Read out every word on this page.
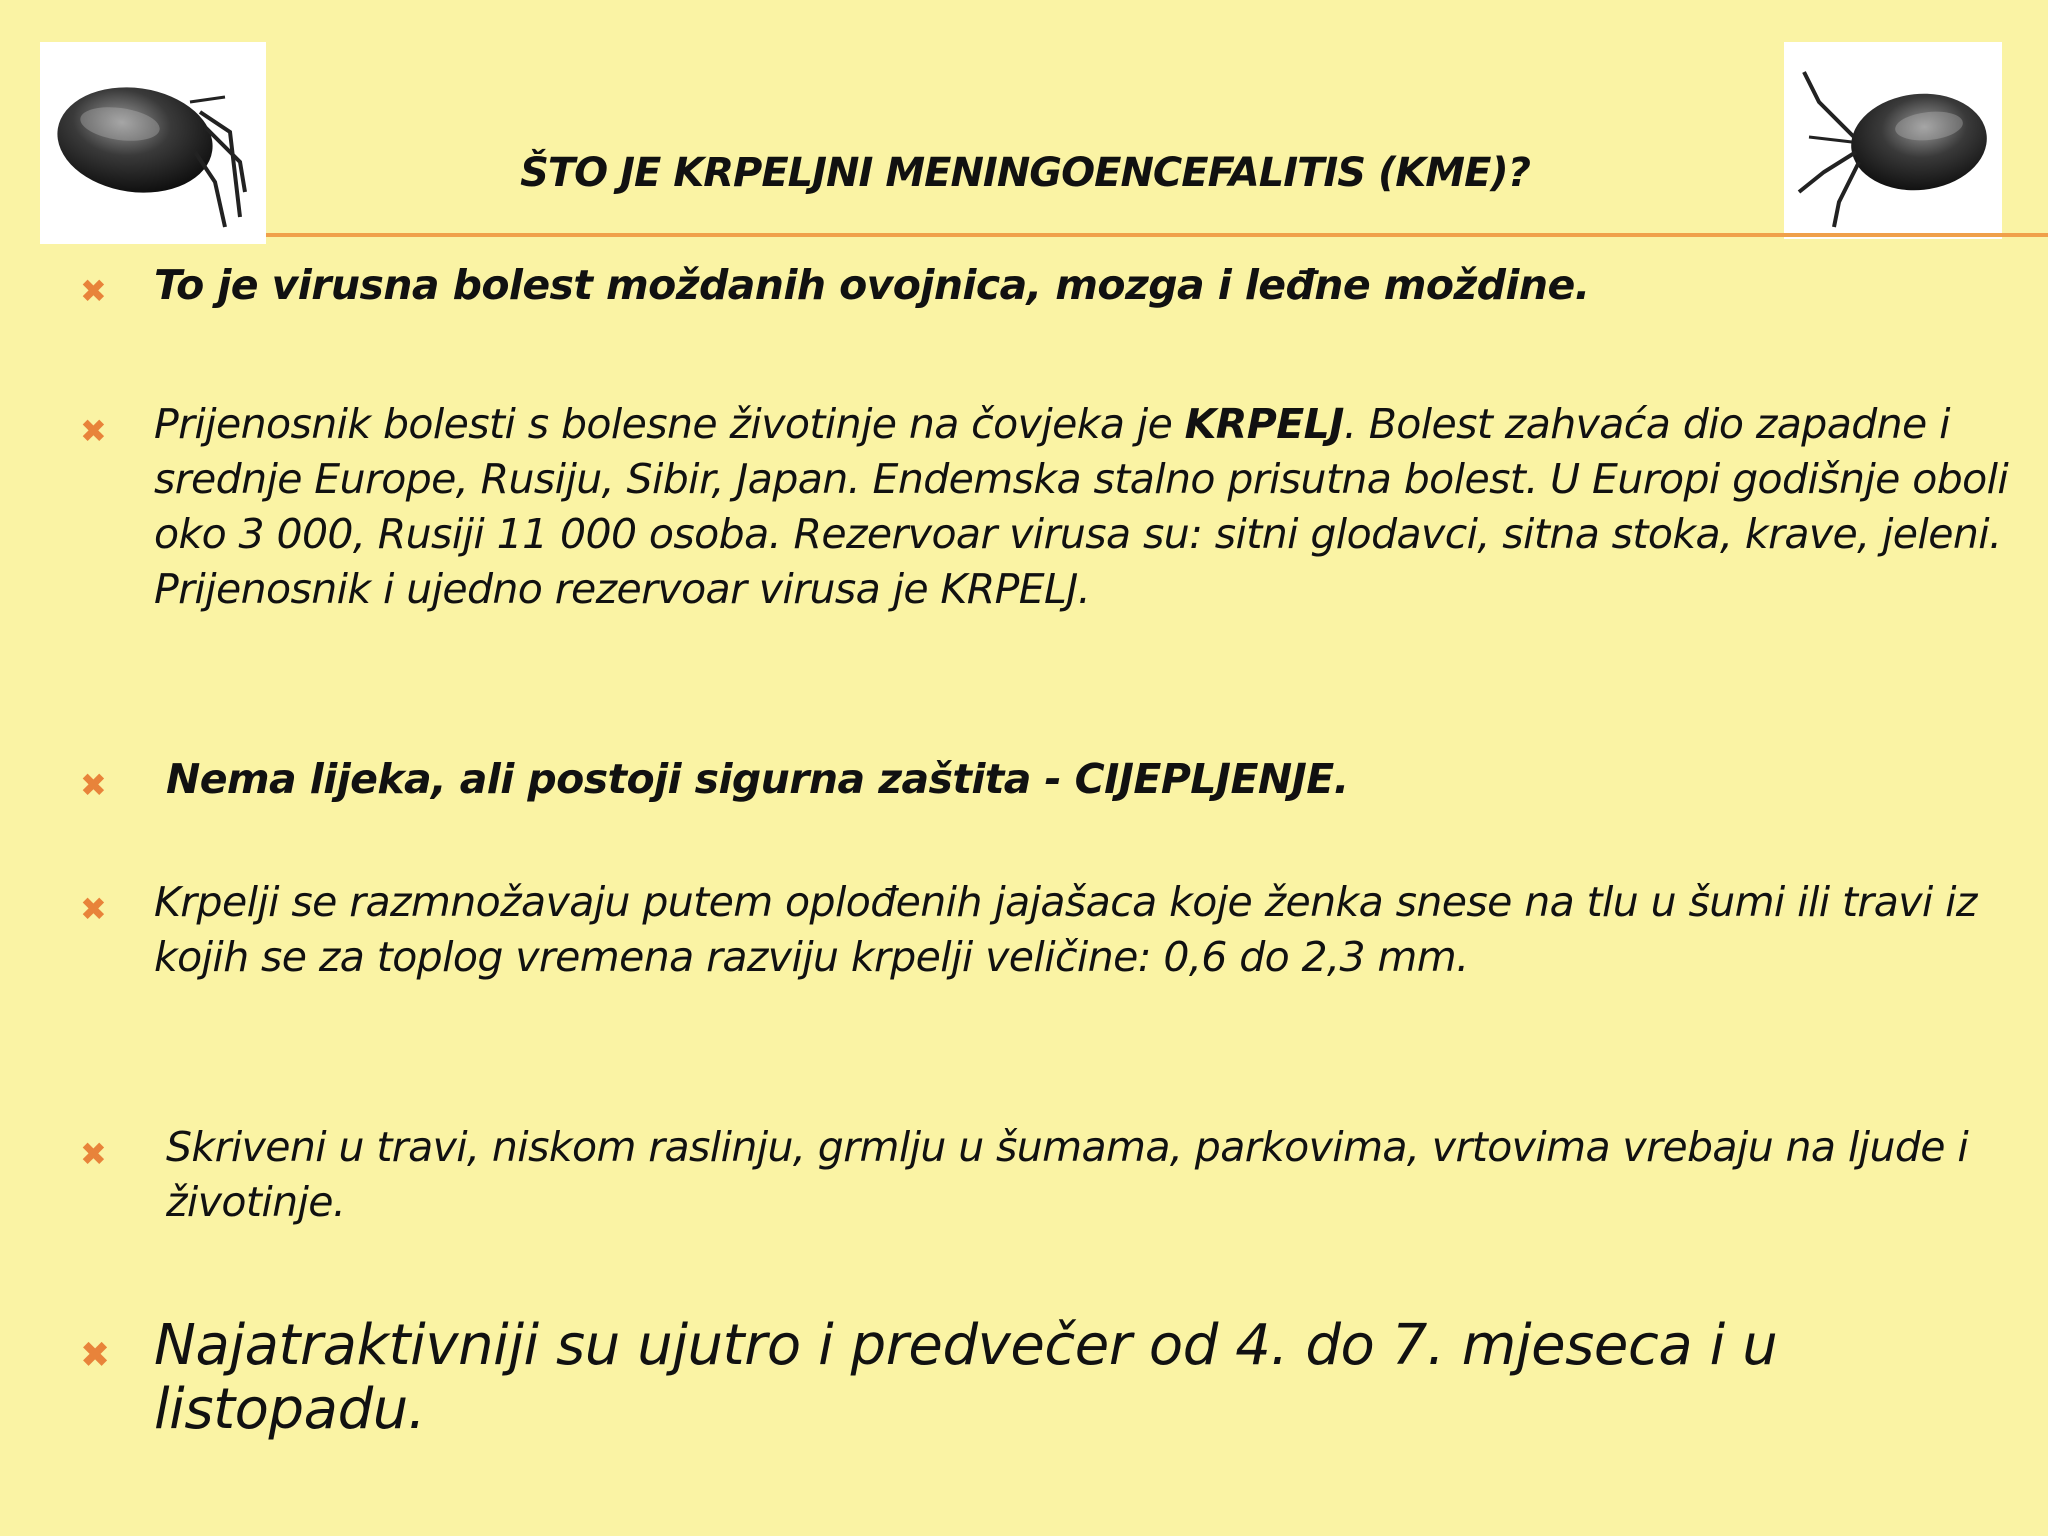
ŠTO JE KRPELJNI MENINGOENCEFALITIS (KME)?
✖ To je virusna bolest moždanih ovojnica, mozga i leđne moždine.
✖ Prijenosnik bolesti s bolesne životinje na čovjeka je KRPELJ. Bolest zahvaća dio zapadne i srednje Europe, Rusiju, Sibir, Japan. Endemska stalno prisutna bolest. U Europi godišnje oboli oko 3 000, Rusiji 11 000 osoba. Rezervoar virusa su: sitni glodavci, sitna stoka, krave, jeleni. Prijenosnik i ujedno rezervoar virusa je KRPELJ.
✖ Nema lijeka, ali postoji sigurna zaštita - CIJEPLJENJE.
✖ Krpelji se razmnožavaju putem oplođenih jajašaca koje ženka snese na tlu u šumi ili travi iz kojih se za toplog vremena razviju krpelji veličine: 0,6 do 2,3 mm.
✖ Skriveni u travi, niskom raslinju, grmlju u šumama, parkovima, vrtovima vrebaju na ljude i životinje.
✖ Najatraktivniji su ujutro i predvečer od 4. do 7. mjeseca i u listopadu.
